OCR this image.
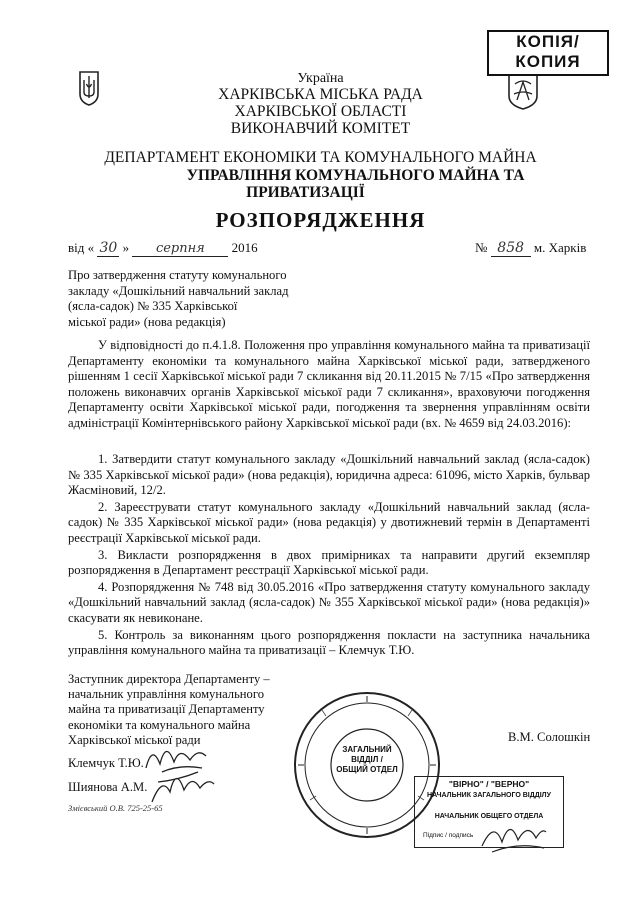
КОПІЯ/
КОПИЯ
Україна
ХАРКІВСЬКА МІСЬКА РАДА
ХАРКІВСЬКОЇ ОБЛАСТІ
ВИКОНАВЧИЙ КОМІТЕТ
ДЕПАРТАМЕНТ ЕКОНОМІКИ ТА КОМУНАЛЬНОГО МАЙНА
УПРАВЛІННЯ КОМУНАЛЬНОГО МАЙНА ТА
ПРИВАТИЗАЦІЇ
РОЗПОРЯДЖЕННЯ
від « 30 » серпня 2016	№ 858 м. Харків
Про затвердження статуту комунального
закладу «Дошкільний навчальний заклад
(ясла-садок) № 335 Харківської
міської ради» (нова редакція)
У відповідності до п.4.1.8. Положення про управління комунального майна та приватизації Департаменту економіки та комунального майна Харківської міської ради, затвердженого рішенням 1 сесії Харківської міської ради 7 скликання від 20.11.2015 № 7/15 «Про затвердження положень виконавчих органів Харківської міської ради 7 скликання», враховуючи погодження Департаменту освіти Харківської міської ради, погодження та звернення управлінням освіти адміністрації Комінтернівського району Харківської міської ради (вх. № 4659 від 24.03.2016):
1. Затвердити статут комунального закладу «Дошкільний навчальний заклад (ясла-садок) № 335 Харківської міської ради» (нова редакція), юридична адреса: 61096, місто Харків, бульвар Жасміновий, 12/2.
2. Зареєструвати статут комунального закладу «Дошкільний навчальний заклад (ясла-садок) № 335 Харківської міської ради» (нова редакція) у двотижневий термін в Департаменті реєстрації Харківської міської ради.
3. Викласти розпорядження в двох примірниках та направити другий екземпляр розпорядження в Департамент реєстрації Харківської міської ради.
4. Розпорядження № 748 від 30.05.2016 «Про затвердження статуту комунального закладу «Дошкільний навчальний заклад (ясла-садок) № 355 Харківської міської ради» (нова редакція)» скасувати як невиконане.
5. Контроль за виконанням цього розпорядження покласти на заступника начальника управління комунального майна та приватизації – Клемчук Т.Ю.
Заступник директора Департаменту –
начальник управління комунального
майна та приватизації Департаменту
економіки та комунального майна
Харківської міської ради	В.М. Солошкін
Клемчук Т.Ю.
Шиянова А.М.
Змієвський О.В. 725-25-65
ЗАГАЛЬНИЙ
ВІДДІЛ /
ОБЩИЙ ОТДЕЛ
"ВІРНО" / "ВЕРНО"
НАЧАЛЬНИК ЗАГАЛЬНОГО ВІДДІЛУ
НАЧАЛЬНИК ОБЩЕГО ОТДЕЛА
Підпис / подпись
